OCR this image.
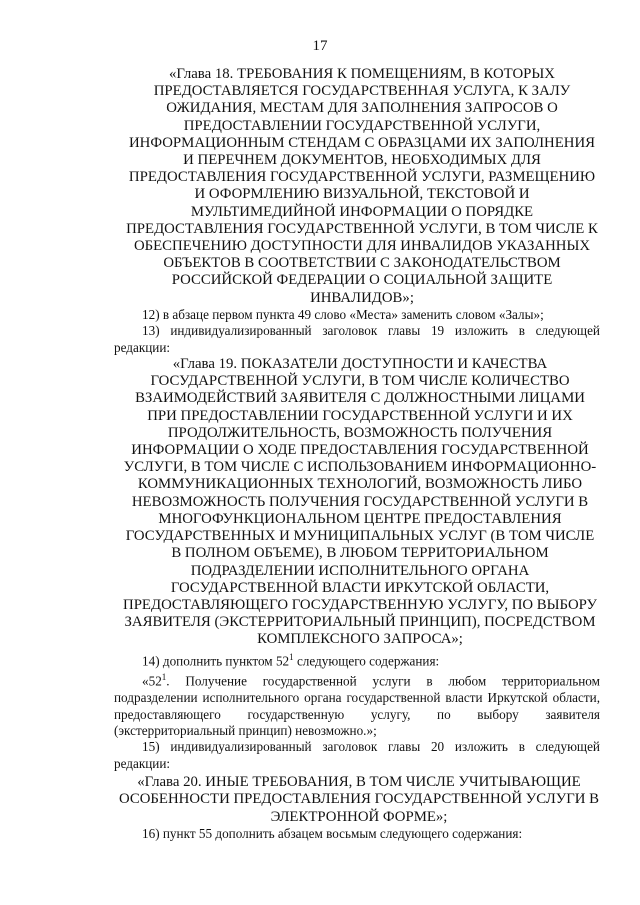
17

«Глава 18. ТРЕБОВАНИЯ К ПОМЕЩЕНИЯМ, В КОТОРЫХ ПРЕДОСТАВЛЯЕТСЯ ГОСУДАРСТВЕННАЯ УСЛУГА, К ЗАЛУ ОЖИДАНИЯ, МЕСТАМ ДЛЯ ЗАПОЛНЕНИЯ ЗАПРОСОВ О ПРЕДОСТАВЛЕНИИ ГОСУДАРСТВЕННОЙ УСЛУГИ, ИНФОРМАЦИОННЫМ СТЕНДАМ С ОБРАЗЦАМИ ИХ ЗАПОЛНЕНИЯ И ПЕРЕЧНЕМ ДОКУМЕНТОВ, НЕОБХОДИМЫХ ДЛЯ ПРЕДОСТАВЛЕНИЯ ГОСУДАРСТВЕННОЙ УСЛУГИ, РАЗМЕЩЕНИЮ И ОФОРМЛЕНИЮ ВИЗУАЛЬНОЙ, ТЕКСТОВОЙ И МУЛЬТИМЕДИЙНОЙ ИНФОРМАЦИИ О ПОРЯДКЕ ПРЕДОСТАВЛЕНИЯ ГОСУДАРСТВЕННОЙ УСЛУГИ, В ТОМ ЧИСЛЕ К ОБЕСПЕЧЕНИЮ ДОСТУПНОСТИ ДЛЯ ИНВАЛИДОВ УКАЗАННЫХ ОБЪЕКТОВ В СООТВЕТСТВИИ С ЗАКОНОДАТЕЛЬСТВОМ РОССИЙСКОЙ ФЕДЕРАЦИИ О СОЦИАЛЬНОЙ ЗАЩИТЕ ИНВАЛИДОВ»;

12) в абзаце первом пункта 49 слово «Места» заменить словом «Залы»;

13) индивидуализированный заголовок главы 19 изложить в следующей редакции:

«Глава 19. ПОКАЗАТЕЛИ ДОСТУПНОСТИ И КАЧЕСТВА ГОСУДАРСТВЕННОЙ УСЛУГИ, В ТОМ ЧИСЛЕ КОЛИЧЕСТВО ВЗАИМОДЕЙСТВИЙ ЗАЯВИТЕЛЯ С ДОЛЖНОСТНЫМИ ЛИЦАМИ ПРИ ПРЕДОСТАВЛЕНИИ ГОСУДАРСТВЕННОЙ УСЛУГИ И ИХ ПРОДОЛЖИТЕЛЬНОСТЬ, ВОЗМОЖНОСТЬ ПОЛУЧЕНИЯ ИНФОРМАЦИИ О ХОДЕ ПРЕДОСТАВЛЕНИЯ ГОСУДАРСТВЕННОЙ УСЛУГИ, В ТОМ ЧИСЛЕ С ИСПОЛЬЗОВАНИЕМ ИНФОРМАЦИОННО-КОММУНИКАЦИОННЫХ ТЕХНОЛОГИЙ, ВОЗМОЖНОСТЬ ЛИБО НЕВОЗМОЖНОСТЬ ПОЛУЧЕНИЯ ГОСУДАРСТВЕННОЙ УСЛУГИ В МНОГОФУНКЦИОНАЛЬНОМ ЦЕНТРЕ ПРЕДОСТАВЛЕНИЯ ГОСУДАРСТВЕННЫХ И МУНИЦИПАЛЬНЫХ УСЛУГ (В ТОМ ЧИСЛЕ В ПОЛНОМ ОБЪЕМЕ), В ЛЮБОМ ТЕРРИТОРИАЛЬНОМ ПОДРАЗДЕЛЕНИИ ИСПОЛНИТЕЛЬНОГО ОРГАНА ГОСУДАРСТВЕННОЙ ВЛАСТИ ИРКУТСКОЙ ОБЛАСТИ, ПРЕДОСТАВЛЯЮЩЕГО ГОСУДАРСТВЕННУЮ УСЛУГУ, ПО ВЫБОРУ ЗАЯВИТЕЛЯ (ЭКСТЕРРИТОРИАЛЬНЫЙ ПРИНЦИП), ПОСРЕДСТВОМ КОМПЛЕКСНОГО ЗАПРОСА»;

14) дополнить пунктом $52^1$ следующего содержания:

«$52^1$. Получение государственной услуги в любом территориальном подразделении исполнительного органа государственной власти Иркутской области, предоставляющего государственную услугу, по выбору заявителя (экстерриториальный принцип) невозможно.»;

15) индивидуализированный заголовок главы 20 изложить в следующей редакции:

«Глава 20. ИНЫЕ ТРЕБОВАНИЯ, В ТОМ ЧИСЛЕ УЧИТЫВАЮЩИЕ ОСОБЕННОСТИ ПРЕДОСТАВЛЕНИЯ ГОСУДАРСТВЕННОЙ УСЛУГИ В ЭЛЕКТРОННОЙ ФОРМЕ»;

16) пункт 55 дополнить абзацем восьмым следующего содержания:
